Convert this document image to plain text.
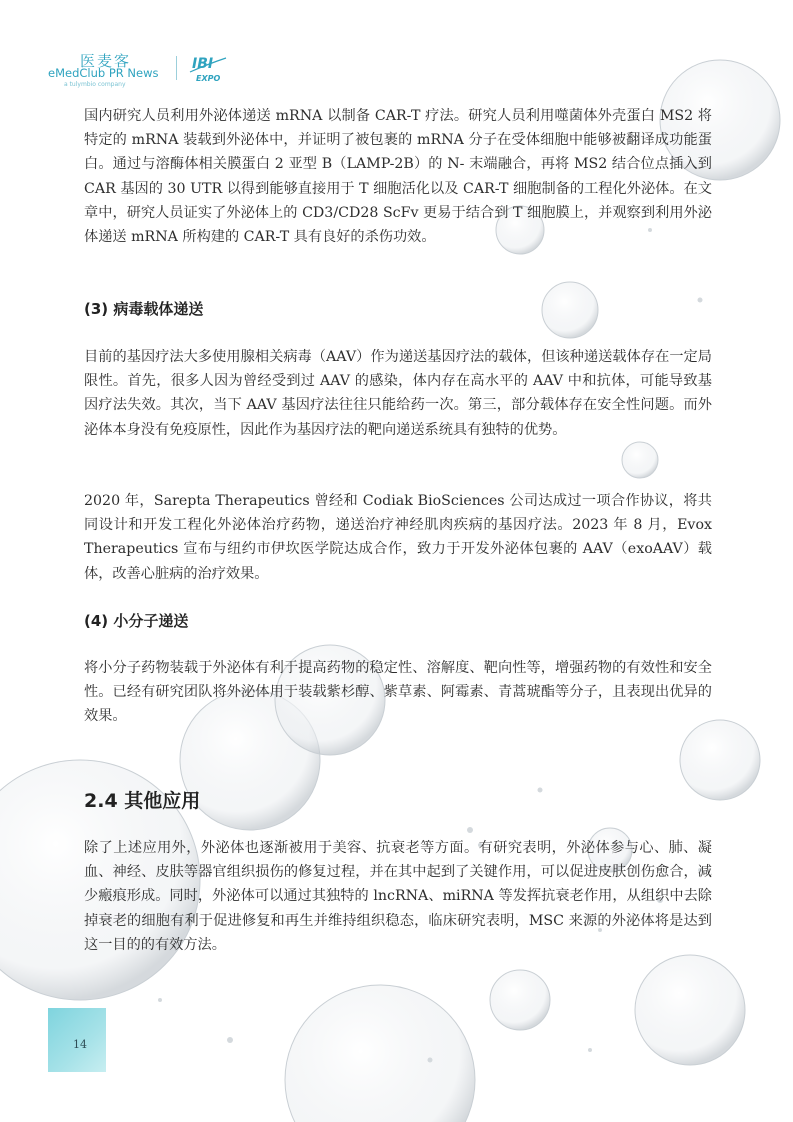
医麦客
eMedClub PR News
a tulymbio company
IBI
EXPO

国内研究人员利用外泌体递送 mRNA 以制备 CAR-T 疗法。研究人员利用噬菌体外壳蛋白 MS2 将特定的 mRNA 装载到外泌体中，并证明了被包裹的 mRNA 分子在受体细胞中能够被翻译成功能蛋白。通过与溶酶体相关膜蛋白 2 亚型 B（LAMP-2B）的 N- 末端融合，再将 MS2 结合位点插入到 CAR 基因的 30 UTR 以得到能够直接用于 T 细胞活化以及 CAR-T 细胞制备的工程化外泌体。在文章中，研究人员证实了外泌体上的 CD3/CD28 ScFv 更易于结合到 T 细胞膜上，并观察到利用外泌体递送 mRNA 所构建的 CAR-T 具有良好的杀伤功效。

(3) 病毒载体递送

目前的基因疗法大多使用腺相关病毒（AAV）作为递送基因疗法的载体，但该种递送载体存在一定局限性。首先，很多人因为曾经受到过 AAV 的感染，体内存在高水平的 AAV 中和抗体，可能导致基因疗法失效。其次，当下 AAV 基因疗法往往只能给药一次。第三，部分载体存在安全性问题。而外泌体本身没有免疫原性，因此作为基因疗法的靶向递送系统具有独特的优势。

2020 年，Sarepta Therapeutics 曾经和 Codiak BioSciences 公司达成过一项合作协议，将共同设计和开发工程化外泌体治疗药物，递送治疗神经肌肉疾病的基因疗法。2023 年 8 月，Evox Therapeutics 宣布与纽约市伊坎医学院达成合作，致力于开发外泌体包裹的 AAV（exoAAV）载体，改善心脏病的治疗效果。

(4) 小分子递送

将小分子药物装载于外泌体有利于提高药物的稳定性、溶解度、靶向性等，增强药物的有效性和安全性。已经有研究团队将外泌体用于装载紫杉醇、紫草素、阿霉素、青蒿琥酯等分子，且表现出优异的效果。

2.4 其他应用

除了上述应用外，外泌体也逐渐被用于美容、抗衰老等方面。有研究表明，外泌体参与心、肺、凝血、神经、皮肤等器官组织损伤的修复过程，并在其中起到了关键作用，可以促进皮肤创伤愈合，减少瘢痕形成。同时，外泌体可以通过其独特的 lncRNA、miRNA 等发挥抗衰老作用，从组织中去除掉衰老的细胞有利于促进修复和再生并维持组织稳态，临床研究表明，MSC 来源的外泌体将是达到这一目的的有效方法。

14
